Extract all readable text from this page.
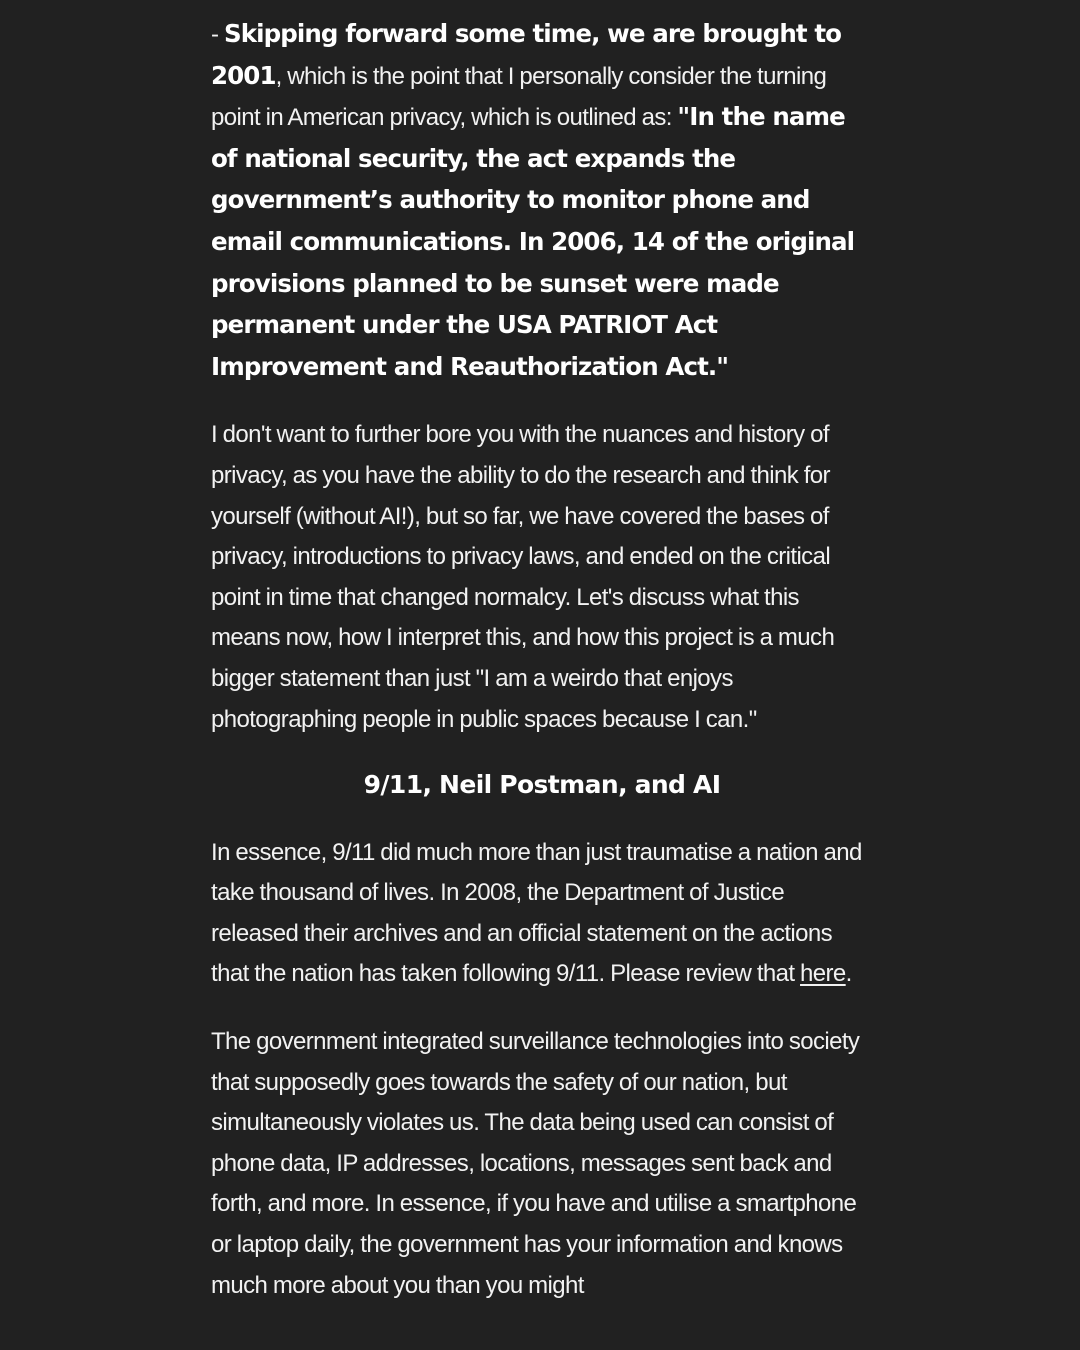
- Skipping forward some time, we are brought to 2001, which is the point that I personally consider the turning point in American privacy, which is outlined as: "In the name of national security, the act expands the government’s authority to monitor phone and email communications. In 2006, 14 of the original provisions planned to be sunset were made permanent under the USA PATRIOT Act Improvement and Reauthorization Act."

I don't want to further bore you with the nuances and history of privacy, as you have the ability to do the research and think for yourself (without AI!), but so far, we have covered the bases of privacy, introductions to privacy laws, and ended on the critical point in time that changed normalcy. Let's discuss what this means now, how I interpret this, and how this project is a much bigger statement than just "I am a weirdo that enjoys photographing people in public spaces because I can."

9/11, Neil Postman, and AI

In essence, 9/11 did much more than just traumatise a nation and take thousand of lives. In 2008, the Department of Justice released their archives and an official statement on the actions that the nation has taken following 9/11. Please review that here.

The government integrated surveillance technologies into society that supposedly goes towards the safety of our nation, but simultaneously violates us. The data being used can consist of phone data, IP addresses, locations, messages sent back and forth, and more. In essence, if you have and utilise a smartphone or laptop daily, the government has your information and knows much more about you than you might
